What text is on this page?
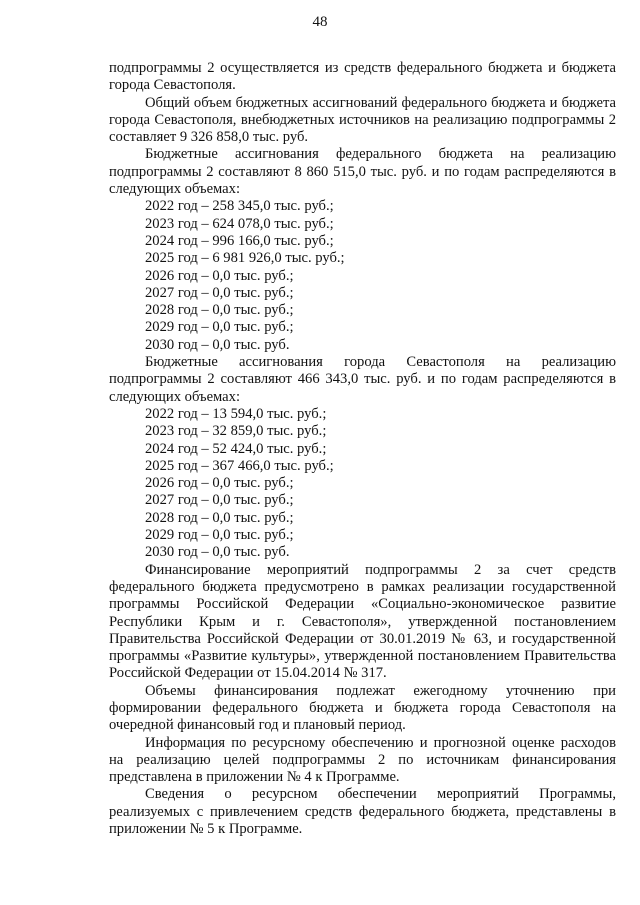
48

подпрограммы 2 осуществляется из средств федерального бюджета и бюджета города Севастополя.

Общий объем бюджетных ассигнований федерального бюджета и бюджета города Севастополя, внебюджетных источников на реализацию подпрограммы 2 составляет 9 326 858,0 тыс. руб.

Бюджетные ассигнования федерального бюджета на реализацию подпрограммы 2 составляют 8 860 515,0 тыс. руб. и по годам распределяются в следующих объемах:

2022 год – 258 345,0 тыс. руб.;
2023 год – 624 078,0 тыс. руб.;
2024 год – 996 166,0 тыс. руб.;
2025 год – 6 981 926,0 тыс. руб.;
2026 год – 0,0 тыс. руб.;
2027 год – 0,0 тыс. руб.;
2028 год – 0,0 тыс. руб.;
2029 год – 0,0 тыс. руб.;
2030 год – 0,0 тыс. руб.

Бюджетные ассигнования города Севастополя на реализацию подпрограммы 2 составляют 466 343,0 тыс. руб. и по годам распределяются в следующих объемах:

2022 год – 13 594,0 тыс. руб.;
2023 год – 32 859,0 тыс. руб.;
2024 год – 52 424,0 тыс. руб.;
2025 год – 367 466,0 тыс. руб.;
2026 год – 0,0 тыс. руб.;
2027 год – 0,0 тыс. руб.;
2028 год – 0,0 тыс. руб.;
2029 год – 0,0 тыс. руб.;
2030 год – 0,0 тыс. руб.

Финансирование мероприятий подпрограммы 2 за счет средств федерального бюджета предусмотрено в рамках реализации государственной программы Российской Федерации «Социально-экономическое развитие Республики Крым и г. Севастополя», утвержденной постановлением Правительства Российской Федерации от 30.01.2019 № 63, и государственной программы «Развитие культуры», утвержденной постановлением Правительства Российской Федерации от 15.04.2014 № 317.

Объемы финансирования подлежат ежегодному уточнению при формировании федерального бюджета и бюджета города Севастополя на очередной финансовый год и плановый период.

Информация по ресурсному обеспечению и прогнозной оценке расходов на реализацию целей подпрограммы 2 по источникам финансирования представлена в приложении № 4 к Программе.

Сведения о ресурсном обеспечении мероприятий Программы, реализуемых с привлечением средств федерального бюджета, представлены в приложении № 5 к Программе.
